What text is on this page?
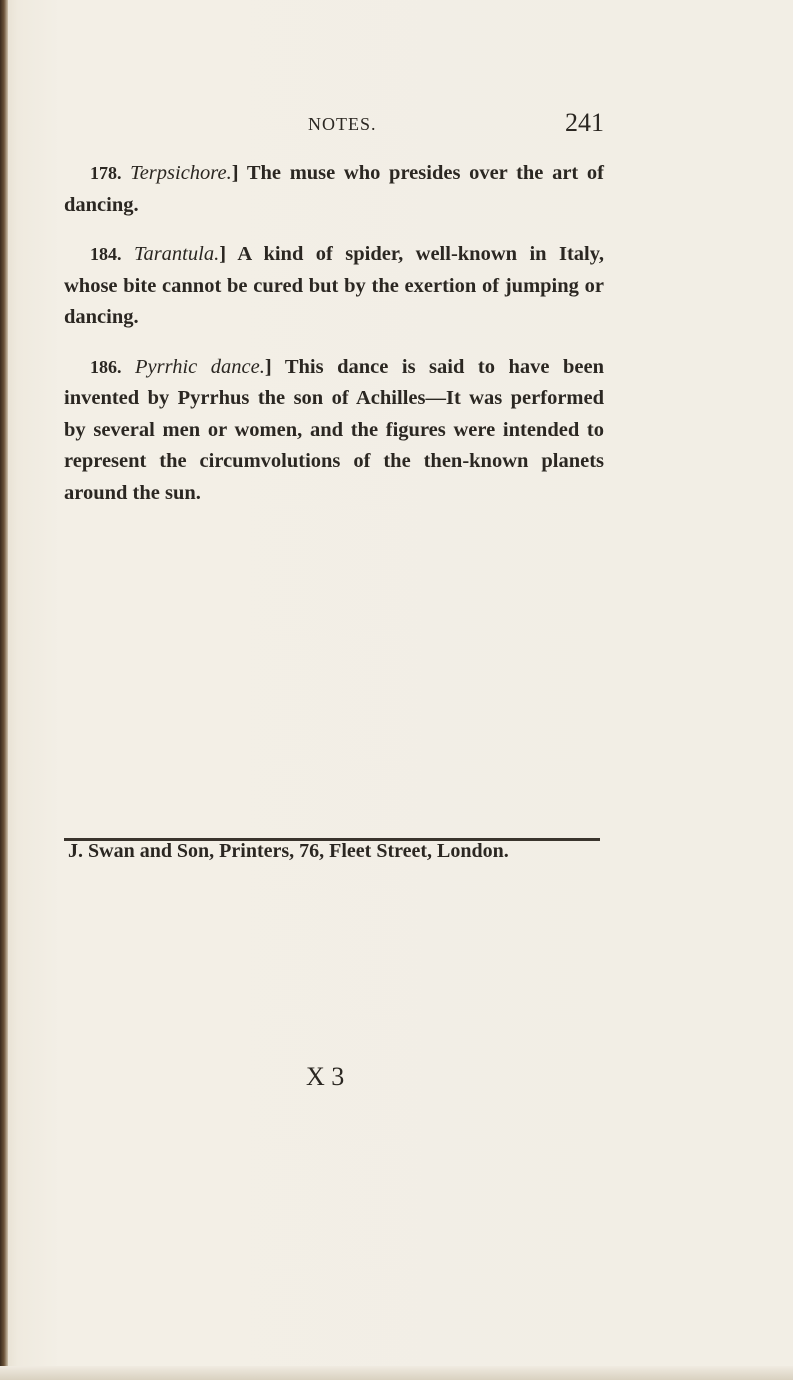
NOTES.	241

178. Terpsichore.] The muse who presides over the art of dancing.

184. Tarantula.] A kind of spider, well-known in Italy, whose bite cannot be cured but by the exertion of jumping or dancing.

186. Pyrrhic dance.] This dance is said to have been invented by Pyrrhus the son of Achilles—It was performed by several men or women, and the figures were intended to represent the circumvolutions of the then-known planets around the sun.

J. Swan and Son, Printers, 76, Fleet Street, London.
X 3
